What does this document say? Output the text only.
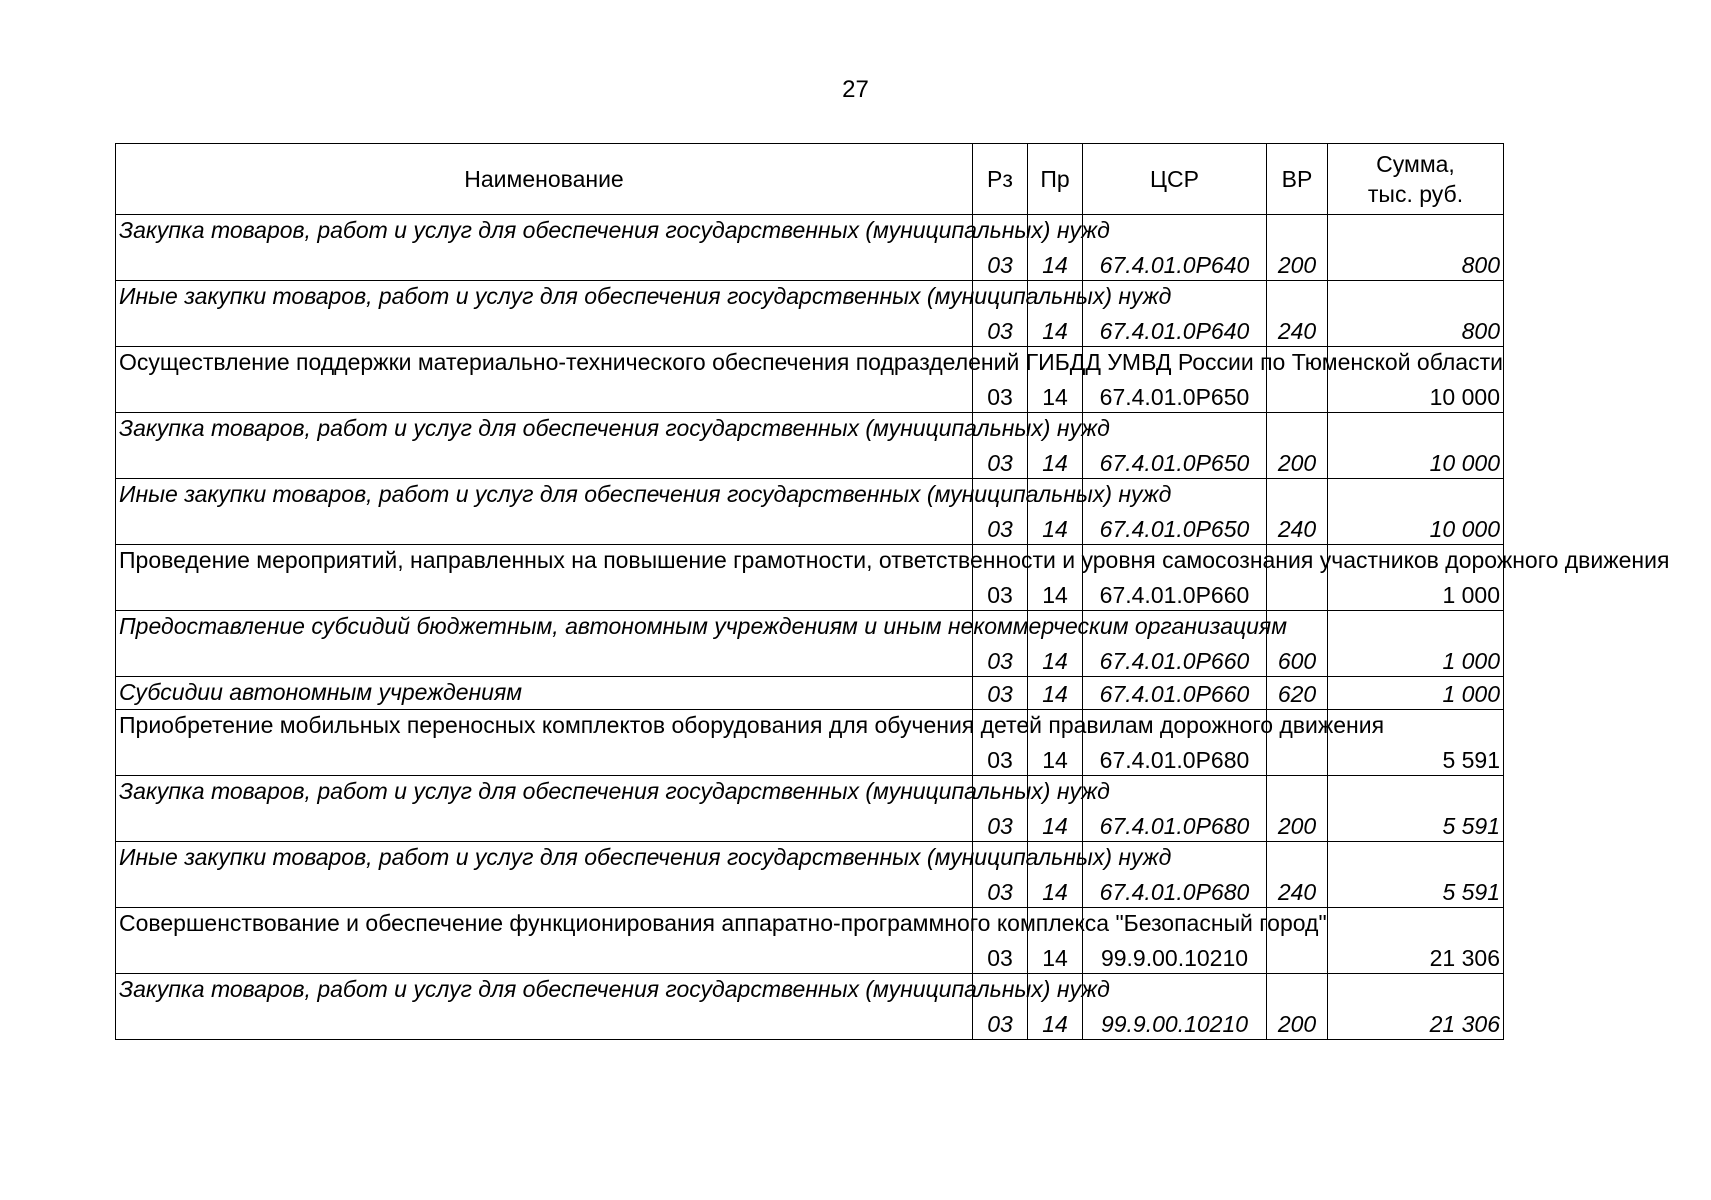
27
Наименование	Рз	Пр	ЦСР	ВР	Сумма,
тыс. руб.

Закупка товаров, работ и услуг для обеспечения государственных (муниципальных) нужд	03	14	67.4.01.0Р640	200	800
Иные закупки товаров, работ и услуг для обеспечения государственных (муниципальных) нужд	03	14	67.4.01.0Р640	240	800
Осуществление поддержки материально-технического обеспечения подразделений ГИБДД УМВД России по Тюменской области	03	14	67.4.01.0Р650		10 000
Закупка товаров, работ и услуг для обеспечения государственных (муниципальных) нужд	03	14	67.4.01.0Р650	200	10 000
Иные закупки товаров, работ и услуг для обеспечения государственных (муниципальных) нужд	03	14	67.4.01.0Р650	240	10 000
Проведение мероприятий, направленных на повышение грамотности, ответственности и уровня самосознания участников дорожного движения	03	14	67.4.01.0Р660		1 000
Предоставление субсидий бюджетным, автономным учреждениям и иным некоммерческим организациям	03	14	67.4.01.0Р660	600	1 000
Субсидии автономным учреждениям	03	14	67.4.01.0Р660	620	1 000
Приобретение мобильных переносных комплектов оборудования для обучения детей правилам дорожного движения	03	14	67.4.01.0Р680		5 591
Закупка товаров, работ и услуг для обеспечения государственных (муниципальных) нужд	03	14	67.4.01.0Р680	200	5 591
Иные закупки товаров, работ и услуг для обеспечения государственных (муниципальных) нужд	03	14	67.4.01.0Р680	240	5 591
Совершенствование и обеспечение функционирования аппаратно-программного комплекса "Безопасный город"	03	14	99.9.00.10210		21 306
Закупка товаров, работ и услуг для обеспечения государственных (муниципальных) нужд	03	14	99.9.00.10210	200	21 306
